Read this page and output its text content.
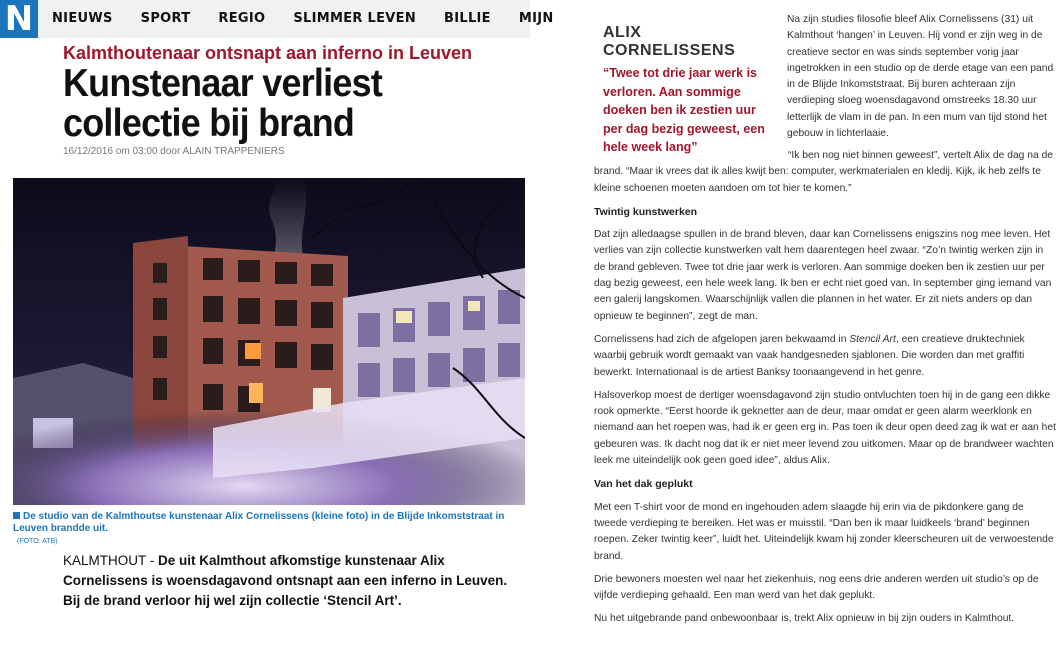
N	NIEUWS SPORT REGIO SLIMMER LEVEN BILLIE MIJN
Kalmthoutenaar ontsnapt aan inferno in Leuven
Kunstenaar verliest collectie bij brand
16/12/2016 om 03:00 door ALAIN TRAPPENIERS
De studio van de Kalmthoutse kunstenaar Alix Cornelissens (kleine foto) in de Blijde Inkomststraat in Leuven brandde uit.
(FOTO: ATB)
KALMTHOUT - De uit Kalmthout afkomstige kunstenaar Alix Cornelissens is woensdagavond ontsnapt aan een inferno in Leuven. Bij de brand verloor hij wel zijn collectie ‘Stencil Art’.
ALIX CORNELISSENS
“Twee tot drie jaar werk is verloren. Aan sommige doeken ben ik zestien uur per dag bezig geweest, een hele week lang”
Na zijn studies filosofie bleef Alix Cornelissens (31) uit Kalmthout ‘hangen’ in Leuven. Hij vond er zijn weg in de creatieve sector en was sinds september vorig jaar ingetrokken in een studio op de derde etage van een pand in de Blijde Inkomststraat. Bij buren achteraan zijn verdieping sloeg woensdagavond omstreeks 18.30 uur letterlijk de vlam in de pan. In een mum van tijd stond het gebouw in lichterlaaie.

“Ik ben nog niet binnen geweest”, vertelt Alix de dag na de brand. “Maar ik vrees dat ik alles kwijt ben: computer, werkmaterialen en kledij. Kijk, ik heb zelfs te kleine schoenen moeten aandoen om tot hier te komen.”

Twintig kunstwerken

Dat zijn alledaagse spullen in de brand bleven, daar kan Cornelissens enigszins nog mee leven. Het verlies van zijn collectie kunstwerken valt hem daarentegen heel zwaar. “Zo’n twintig werken zijn in de brand gebleven. Twee tot drie jaar werk is verloren. Aan sommige doeken ben ik zestien uur per dag bezig geweest, een hele week lang. Ik ben er echt niet goed van. In september ging iemand van een galerij langskomen. Waarschijnlijk vallen die plannen in het water. Er zit niets anders op dan opnieuw te beginnen”, zegt de man.

Cornelissens had zich de afgelopen jaren bekwaamd in Stencil Art, een creatieve druktechniek waarbij gebruik wordt gemaakt van vaak handgesneden sjablonen. Die worden dan met graffiti bewerkt. Internationaal is de artiest Banksy toonaangevend in het genre.

Halsoverkop moest de dertiger woensdagavond zijn studio ontvluchten toen hij in de gang een dikke rook opmerkte. “Eerst hoorde ik geknetter aan de deur, maar omdat er geen alarm weerklonk en niemand aan het roepen was, had ik er geen erg in. Pas toen ik deur open deed zag ik wat er aan het gebeuren was. Ik dacht nog dat ik er niet meer levend zou uitkomen. Maar op de brandweer wachten leek me uiteindelijk ook geen goed idee”, aldus Alix.

Van het dak geplukt

Met een T-shirt voor de mond en ingehouden adem slaagde hij erin via de pikdonkere gang de tweede verdieping te bereiken. Het was er muisstil. “Dan ben ik maar luidkeels ‘brand’ beginnen roepen. Zeker twintig keer”, luidt het. Uiteindelijk kwam hij zonder kleerscheuren uit de verwoestende brand.

Drie bewoners moesten wel naar het ziekenhuis, nog eens drie anderen werden uit studio’s op de vijfde verdieping gehaald. Een man werd van het dak geplukt.

Nu het uitgebrande pand onbewoonbaar is, trekt Alix opnieuw in bij zijn ouders in Kalmthout.
